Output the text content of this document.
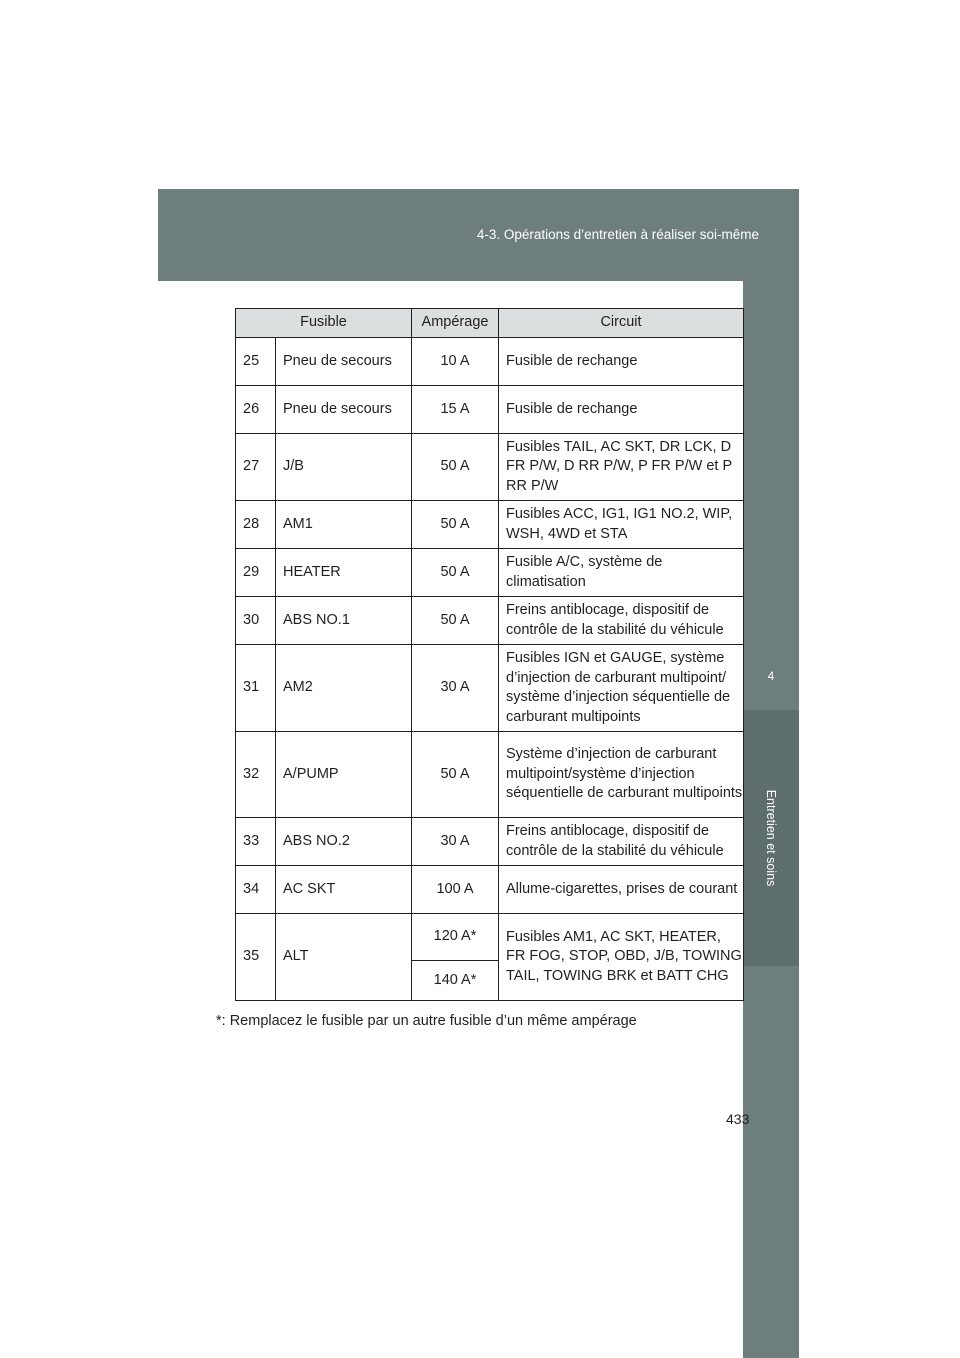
4-3. Opérations d’entretien à réaliser soi-même
4
Entretien et soins
Fusible		Ampérage	Circuit
25	Pneu de secours	10 A	Fusible de rechange
26	Pneu de secours	15 A	Fusible de rechange
27	J/B	50 A	Fusibles TAIL, AC SKT, DR LCK, D FR P/W, D RR P/W, P FR P/W et P RR P/W
28	AM1	50 A	Fusibles ACC, IG1, IG1 NO.2, WIP, WSH, 4WD et STA
29	HEATER	50 A	Fusible A/C, système de climatisation
30	ABS NO.1	50 A	Freins antiblocage, dispositif de contrôle de la stabilité du véhicule
31	AM2	30 A	Fusibles IGN et GAUGE, système d’injection de carburant multipoint/ système d’injection séquentielle de carburant multipoints
32	A/PUMP	50 A	Système d’injection de carburant multipoint/système d’injection séquentielle de carburant multipoints
33	ABS NO.2	30 A	Freins antiblocage, dispositif de contrôle de la stabilité du véhicule
34	AC SKT	100 A	Allume-cigarettes, prises de courant
35	ALT	120 A*	Fusibles AM1, AC SKT, HEATER, FR FOG, STOP, OBD, J/B, TOWING TAIL, TOWING BRK et BATT CHG
		140 A*	
*: Remplacez le fusible par un autre fusible d’un même ampérage
433
